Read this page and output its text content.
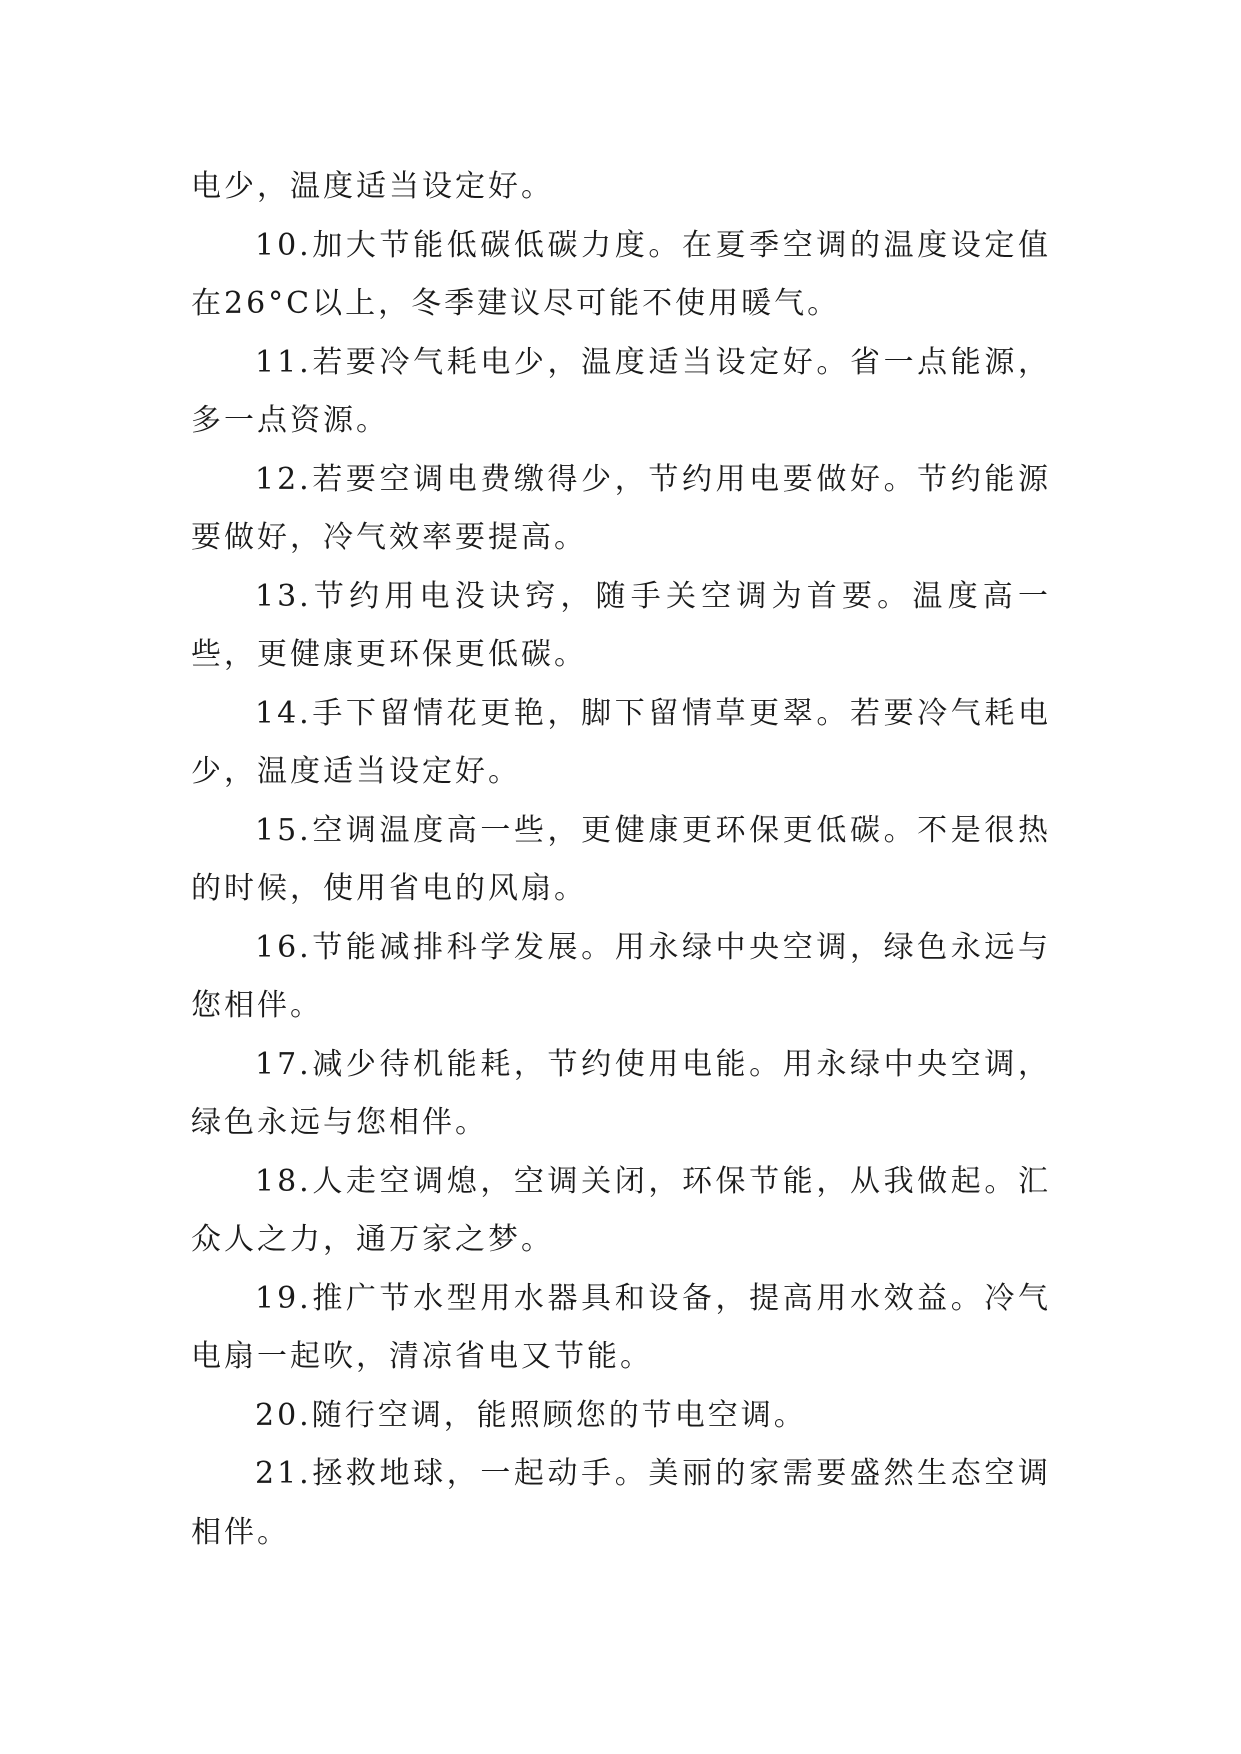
电少，温度适当设定好。

10.加大节能低碳低碳力度。在夏季空调的温度设定值在26°C以上，冬季建议尽可能不使用暖气。

11.若要冷气耗电少，温度适当设定好。省一点能源，多一点资源。

12.若要空调电费缴得少，节约用电要做好。节约能源要做好，冷气效率要提高。

13.节约用电没诀窍，随手关空调为首要。温度高一些，更健康更环保更低碳。

14.手下留情花更艳，脚下留情草更翠。若要冷气耗电少，温度适当设定好。

15.空调温度高一些，更健康更环保更低碳。不是很热的时候，使用省电的风扇。

16.节能减排科学发展。用永绿中央空调，绿色永远与您相伴。

17.减少待机能耗，节约使用电能。用永绿中央空调，绿色永远与您相伴。

18.人走空调熄，空调关闭，环保节能，从我做起。汇众人之力，通万家之梦。

19.推广节水型用水器具和设备，提高用水效益。冷气电扇一起吹，清凉省电又节能。

20.随行空调，能照顾您的节电空调。

21.拯救地球，一起动手。美丽的家需要盛然生态空调相伴。
